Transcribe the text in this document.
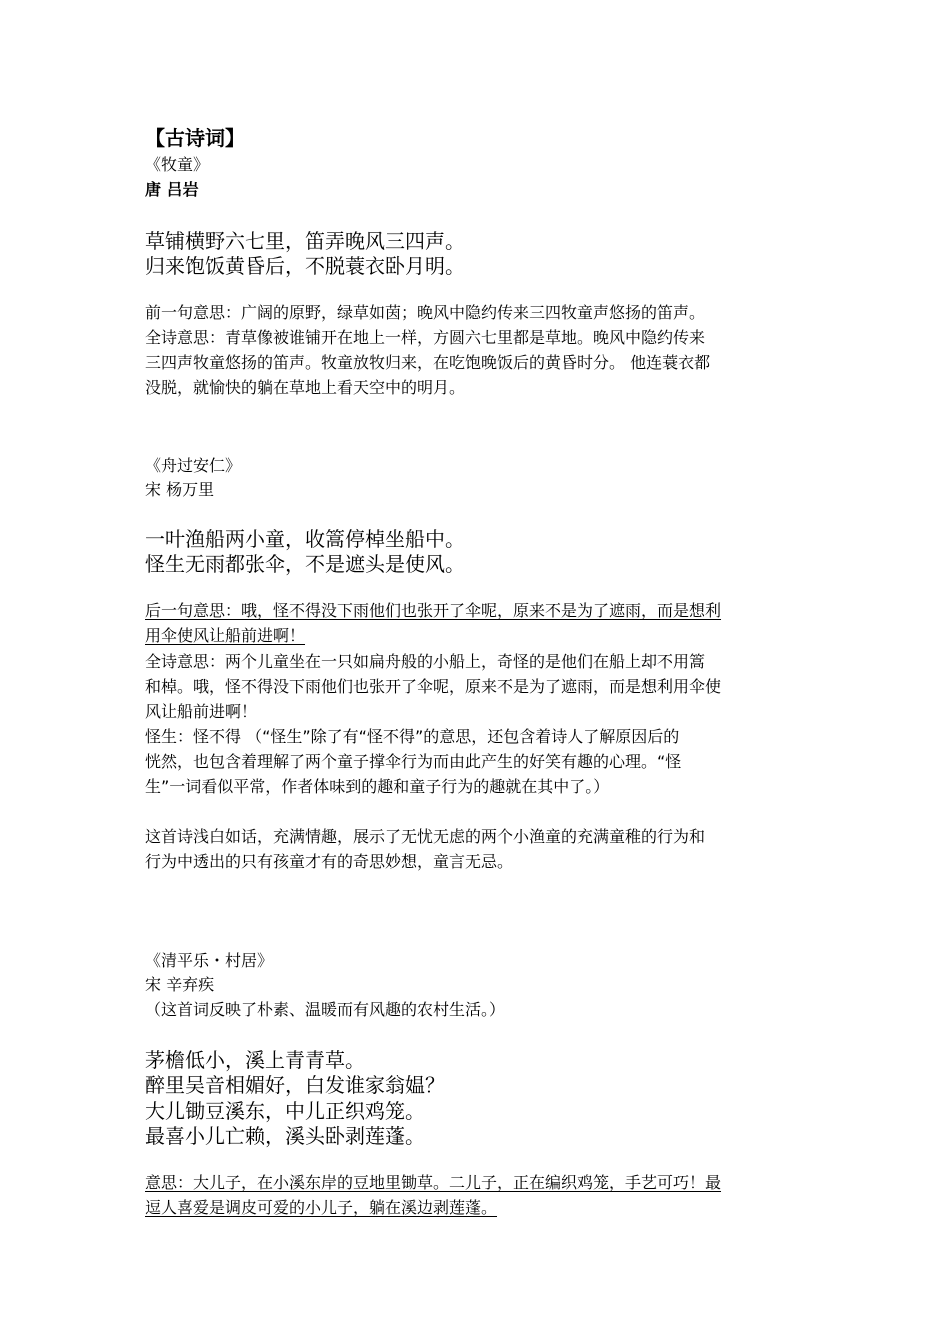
【古诗词】
《牧童》
唐 吕岩
草铺横野六七里，笛弄晚风三四声。
归来饱饭黄昏后，不脱蓑衣卧月明。
前一句意思：广阔的原野，绿草如茵；晚风中隐约传来三四牧童声悠扬的笛声。
全诗意思：青草像被谁铺开在地上一样，方圆六七里都是草地。晚风中隐约传来
三四声牧童悠扬的笛声。牧童放牧归来，在吃饱晚饭后的黄昏时分。 他连蓑衣都
没脱，就愉快的躺在草地上看天空中的明月。
《舟过安仁》
宋 杨万里
一叶渔船两小童，收篙停棹坐船中。
怪生无雨都张伞，不是遮头是使风。
后一句意思：哦，怪不得没下雨他们也张开了伞呢，原来不是为了遮雨，而是想利
用伞使风让船前进啊！
全诗意思：两个儿童坐在一只如扁舟般的小船上，奇怪的是他们在船上却不用篙
和棹。哦，怪不得没下雨他们也张开了伞呢，原来不是为了遮雨，而是想利用伞使
风让船前进啊！
怪生：怪不得 （“怪生”除了有“怪不得”的意思，还包含着诗人了解原因后的
恍然，也包含着理解了两个童子撑伞行为而由此产生的好笑有趣的心理。“怪
生”一词看似平常，作者体味到的趣和童子行为的趣就在其中了。）
这首诗浅白如话，充满情趣，展示了无忧无虑的两个小渔童的充满童稚的行为和
行为中透出的只有孩童才有的奇思妙想，童言无忌。
《清平乐・村居》
宋 辛弃疾
（这首词反映了朴素、温暖而有风趣的农村生活。）
茅檐低小，溪上青青草。
醉里吴音相媚好，白发谁家翁媪？
大儿锄豆溪东，中儿正织鸡笼。
最喜小儿亡赖，溪头卧剥莲蓬。
意思：大儿子，在小溪东岸的豆地里锄草。二儿子，正在编织鸡笼，手艺可巧！最
逗人喜爱是调皮可爱的小儿子，躺在溪边剥莲蓬。
